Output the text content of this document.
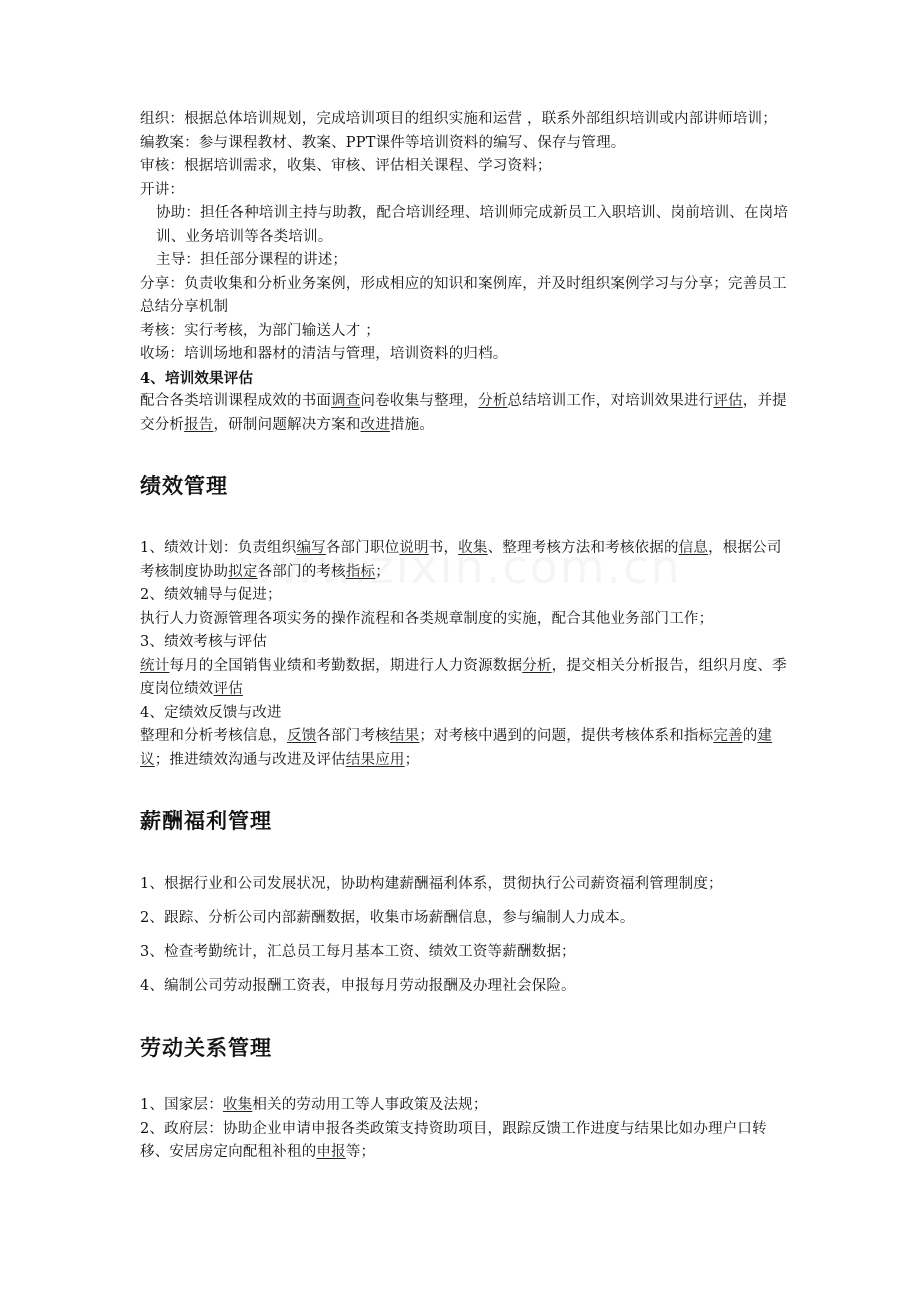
组织：根据总体培训规划，完成培训项目的组织实施和运营 ，联系外部组织培训或内部讲师培训；

编教案：参与课程教材、教案、PPT课件等培训资料的编写、保存与管理。

审核：根据培训需求，收集、审核、评估相关课程、学习资料；

开讲：

协助：担任各种培训主持与助教，配合培训经理、培训师完成新员工入职培训、岗前培训、在岗培训、业务培训等各类培训。

主导：担任部分课程的讲述；

分享：负责收集和分析业务案例，形成相应的知识和案例库，并及时组织案例学习与分享；完善员工总结分享机制

考核：实行考核，为部门输送人才 ；

收场：培训场地和器材的清洁与管理，培训资料的归档。

4、培训效果评估

配合各类培训课程成效的书面调查问卷收集与整理，分析总结培训工作，对培训效果进行评估，并提交分析报告，研制问题解决方案和改进措施。

绩效管理

1、绩效计划：负责组织编写各部门职位说明书，收集、整理考核方法和考核依据的信息，根据公司考核制度协助拟定各部门的考核指标；

2、绩效辅导与促进；

执行人力资源管理各项实务的操作流程和各类规章制度的实施，配合其他业务部门工作；

3、绩效考核与评估

统计每月的全国销售业绩和考勤数据，期进行人力资源数据分析，提交相关分析报告，组织月度、季度岗位绩效评估

4、定绩效反馈与改进

整理和分析考核信息，反馈各部门考核结果；对考核中遇到的问题，提供考核体系和指标完善的建议；推进绩效沟通与改进及评估结果应用；

薪酬福利管理

1、根据行业和公司发展状况，协助构建薪酬福利体系，贯彻执行公司薪资福利管理制度；

2、跟踪、分析公司内部薪酬数据，收集市场薪酬信息，参与编制人力成本。

3、检查考勤统计，汇总员工每月基本工资、绩效工资等薪酬数据；

4、编制公司劳动报酬工资表，申报每月劳动报酬及办理社会保险。

劳动关系管理

1、国家层：收集相关的劳动用工等人事政策及法规；

2、政府层：协助企业申请申报各类政策支持资助项目，跟踪反馈工作进度与结果比如办理户口转移、安居房定向配租补租的申报等；
